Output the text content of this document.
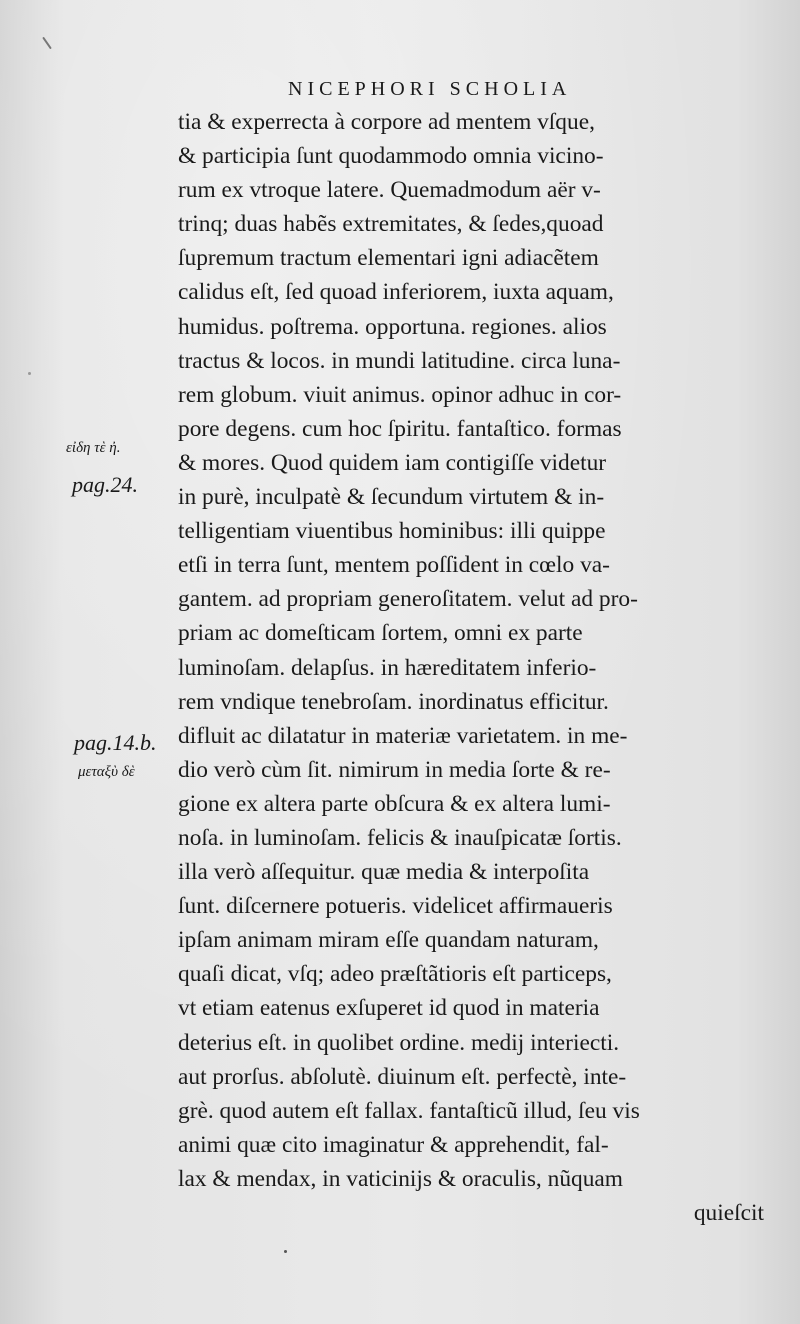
NICEPHORI SCHOLIA
tia & experrecta à corpore ad mentem vſque,
& participia ſunt quodammodo omnia vicino-
rum ex vtroque latere. Quemadmodum aër v-
trinq; duas habẽs extremitates, & ſedes,quoad
ſupremum tractum elementari igni adiacẽtem
calidus eſt, ſed quoad inferiorem, iuxta aquam,
humidus. poſtrema. opportuna. regiones. alios
tractus & locos. in mundi latitudine. circa luna-
rem globum. viuit animus. opinor adhuc in cor-
pore degens. cum hoc ſpiritu. fantaſtico. formas
& mores. Quod quidem iam contigiſſe videtur
in purè, inculpatè & ſecundum virtutem & in-
telligentiam viuentibus hominibus: illi quippe
etſi in terra ſunt, mentem poſſident in cœlo va-
gantem. ad propriam generoſitatem. velut ad pro-
priam ac domeſticam ſortem, omni ex parte
luminoſam. delapſus. in hæreditatem inferio-
rem vndique tenebroſam. inordinatus efficitur.
difluit ac dilatatur in materiæ varietatem. in me-
dio verò cùm ſit. nimirum in media ſorte & re-
gione ex altera parte obſcura & ex altera lumi-
noſa. in luminoſam. felicis & inauſpicatæ ſortis.
illa verò aſſequitur. quæ media & interpoſita
ſunt. diſcernere potueris. videlicet affirmaueris
ipſam animam miram eſſe quandam naturam,
quaſi dicat, vſq; adeo præſtãtioris eſt particeps,
vt etiam eatenus exſuperet id quod in materia
deterius eſt. in quolibet ordine. medij interiecti.
aut prorſus. abſolutè. diuinum eſt. perfectè, inte-
grè. quod autem eſt fallax. fantaſticũ illud, ſeu vis
animi quæ cito imaginatur & apprehendit, fal-
lax & mendax, in vaticinijs & oraculis, nũquam
quieſcit
εἰδη τὲ ἠ.
pag.24.
pag.14.b.
μεταξὺ δὲ
